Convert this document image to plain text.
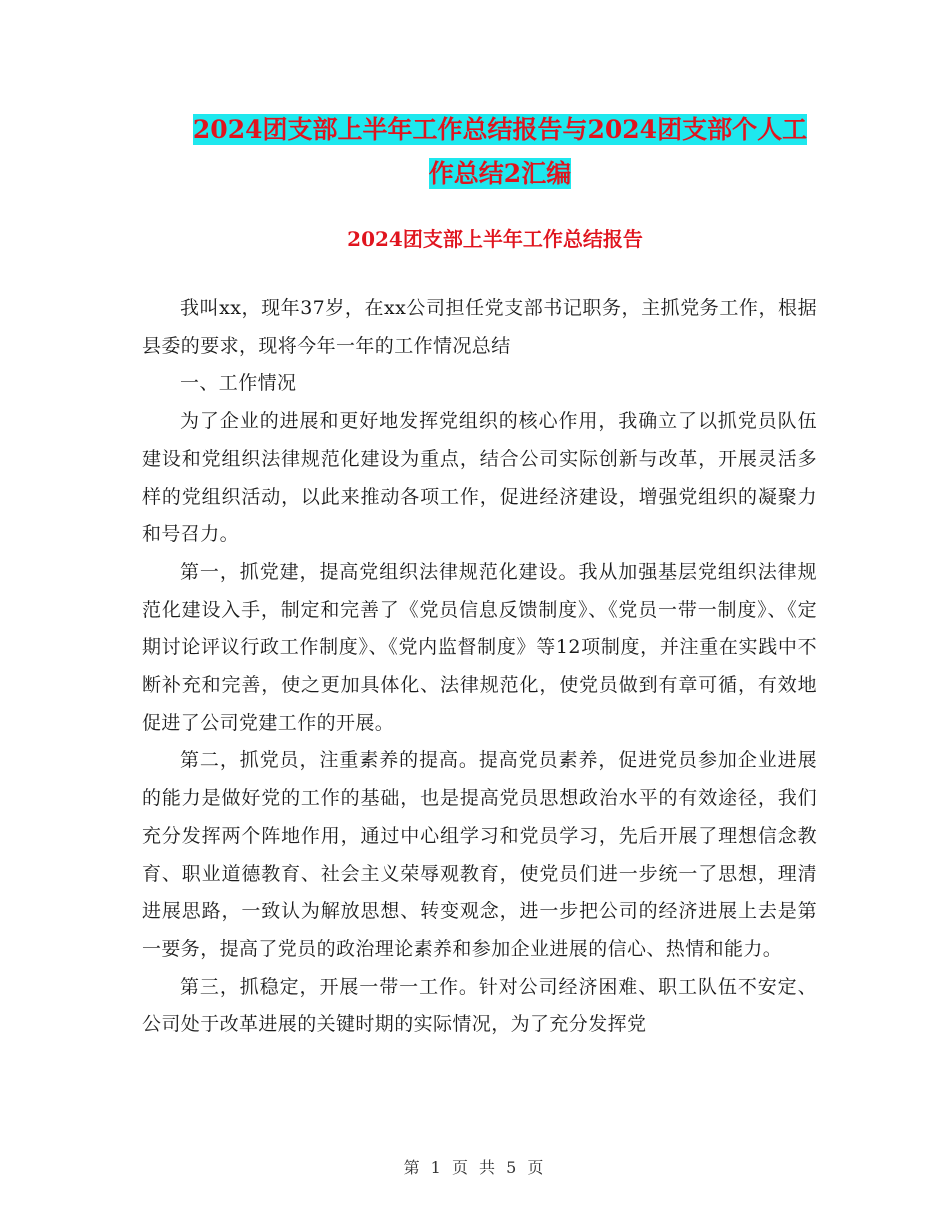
2024团支部上半年工作总结报告与2024团支部个人工
作总结2汇编
2024团支部上半年工作总结报告

我叫xx，现年37岁，在xx公司担任党支部书记职务，主抓党务工作，根据县委的要求，现将今年一年的工作情况总结

一、工作情况

为了企业的进展和更好地发挥党组织的核心作用，我确立了以抓党员队伍建设和党组织法律规范化建设为重点，结合公司实际创新与改革，开展灵活多样的党组织活动，以此来推动各项工作，促进经济建设，增强党组织的凝聚力和号召力。

第一，抓党建，提高党组织法律规范化建设。我从加强基层党组织法律规范化建设入手，制定和完善了《党员信息反馈制度》、《党员一带一制度》、《定期讨论评议行政工作制度》、《党内监督制度》等12项制度，并注重在实践中不断补充和完善，使之更加具体化、法律规范化，使党员做到有章可循，有效地促进了公司党建工作的开展。

第二，抓党员，注重素养的提高。提高党员素养，促进党员参加企业进展的能力是做好党的工作的基础，也是提高党员思想政治水平的有效途径，我们充分发挥两个阵地作用，通过中心组学习和党员学习，先后开展了理想信念教育、职业道德教育、社会主义荣辱观教育，使党员们进一步统一了思想，理清进展思路，一致认为解放思想、转变观念，进一步把公司的经济进展上去是第一要务，提高了党员的政治理论素养和参加企业进展的信心、热情和能力。

第三，抓稳定，开展一带一工作。针对公司经济困难、职工队伍不安定、公司处于改革进展的关键时期的实际情况，为了充分发挥党

第 1 页 共 5 页
